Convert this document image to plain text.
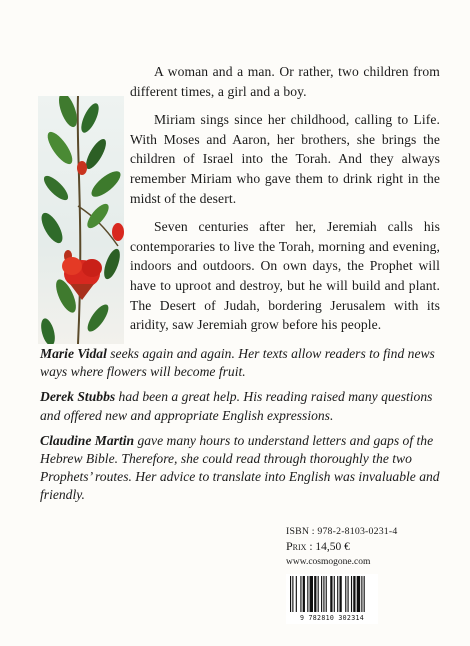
A woman and a man. Or rather, two children from different times, a girl and a boy.

Miriam sings since her childhood, calling to Life. With Moses and Aaron, her brothers, she brings the children of Israel into the Torah. And they always remember Miriam who gave them to drink right in the midst of the desert.

Seven centuries after her, Jeremiah calls his contemporaries to live the Torah, morning and evening, indoors and outdoors. On own days, the Prophet will have to uproot and destroy, but he will build and plant. The Desert of Judah, bordering Jerusalem with its aridity, saw Jeremiah grow before his people.

Marie Vidal seeks again and again. Her texts allow readers to find news ways where flowers will become fruit.

Derek Stubbs had been a great help. His reading raised many questions and offered new and appropriate English expressions.

Claudine Martin gave many hours to understand letters and gaps of the Hebrew Bible. Therefore, she could read through thoroughly the two Prophets’ routes. Her advice to translate into English was invaluable and friendly.

ISBN : 978-2-8103-0231-4
Prix : 14,50 €
www.cosmogone.com
9 782810 302314
